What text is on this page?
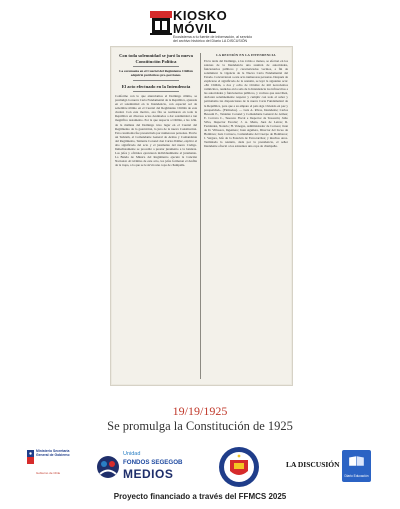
KIOSKO
MÓVIL
Ecosistema a tu fuente de información, al servicio del archivo histórico del Diario LA DISCUSIÓN

Con toda solemnidad se juró la nueva Constitución Política

La ceremonia en el Cuartel del Regimiento Chillán adquirió patrióticos pro-porciones.

El acto efectuado en la Intendencia

Conforme con lo que anunciamos el Domingo último, se promulgó la nueva Carta Fundamental de la República, ajustada en el solemnidad en la Intendencia, con especial sol de setiembre último en el Cuartel del Regimiento Chillán de esta ciudad. Con este motivo, esa fila se realizaron en toda la República en diversos actos destinados a dar solemnidad a tan magnífico testamento. Por la que respecta a Chillán, a las 12m. de la mañana del Domingo tuvo lugar en el Cuartel del Regimiento de la guarnición, la jura de la nueva Constitución. Esta ceremonia fue presenciada por numerosas personas. Previo un Tedéum, el Comandante General de Armas y Comandante del Regimiento, Teniente Coronel don Carlos Ibáñez, explicó el alto significado del acto y el juramento del nuevo Código. Inmediatamente se procedió a prestar juramento a la bandera. Los jefes y oficiales ejecutaron individualmente el juramento. La Banda de Música del Regimiento ejecutó la Canción Nacional. Al término de este acto, los jefes formaron el desfile de la tropa, a la que se le sirvió una copa de champaña.

LA REUNIÓN EN LA INTENDENCIA

En la tarde del Domingo, a las 4 más o menos, se efectuó en los salones de la Intendencia una reunión de autoridades, funcionarios públicos y caracterizados vecinos, a fin de solemnizar la vigencia de la Nueva Carta Fundamental del Estado. Concurrieron a este acto numerosas personas. Después de explicarse el significado de la reunión, se leyó la siguiente acta: «En Chillán, a dos y ocho de Octubre de mil novecientos veinticinco, reunidos en la sala de la Intendencia los infrascritos a las autoridades y funcionarios públicos, y vecinos que suscriben, declaran solemnemente respetar y cumplir con todo el saber y patriotismo las disposiciones de la nueva Carta Fundamental de la República, para que a su amparo el país siga viviendo en paz y prosperidad». (Firmados). — Luis A. Rivas, Intendente; Carlos Besoaín E., Teniente Coronel y Comandante General de Armas; E. Corvera C., Tesorero Fiscal e Inspector de Tesorería; Julio Silva, Inspector Escolar; J. A. Mena, Juez de Letras; R. Fernández, Notario; H. Venegas, Administrador de Correos; Juan de D. Villaseca, Ingeniero; Juan Aguilera, Director del Liceo de Hombres; Luis Carrasco, Comandante del Cuerpo de Bomberos; J. Vergara, Jefe de la Estación de Ferrocarriles; y muchos otros. Terminada la reunión, dada por la presidencia, el señor Intendente ofreció a los asistentes una copa de champaña.

19/19/1925
Se promulga la Constitución de 1925
Ministerio Secretaría General de Gobierno
Gobierno de Chile
Unidad
FONDOS SEGEGOB
MEDIOS
LA DISCUSIÓN
Diario Educación
Proyecto financiado a través del FFMCS 2025
